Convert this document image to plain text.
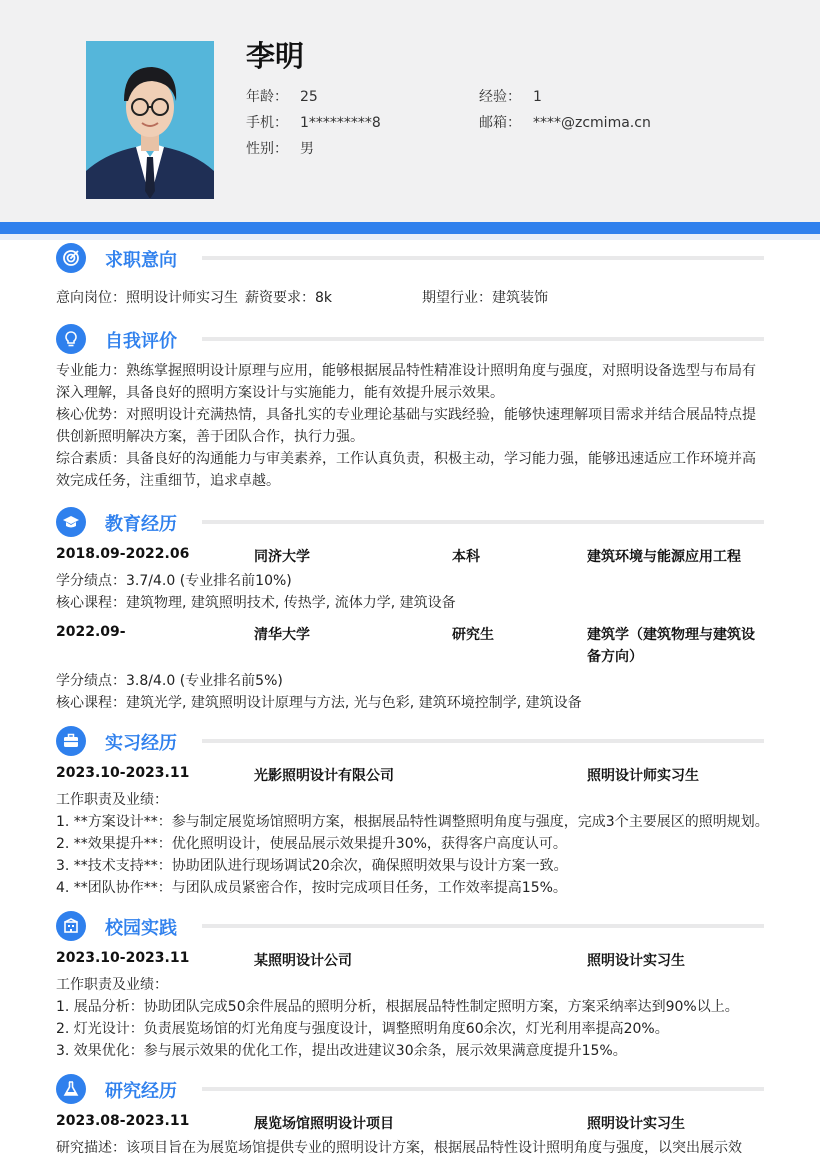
李明
年龄： 25	经验： 1
手机： 1*********8	邮箱： ****@zcmima.cn
性别： 男
求职意向
意向岗位：照明设计师实习生 薪资要求：8k	期望行业：建筑装饰
自我评价
专业能力：熟练掌握照明设计原理与应用，能够根据展品特性精准设计照明角度与强度，对照明设备选型与布局有深入理解，具备良好的照明方案设计与实施能力，能有效提升展示效果。
核心优势：对照明设计充满热情，具备扎实的专业理论基础与实践经验，能够快速理解项目需求并结合展品特点提供创新照明解决方案，善于团队合作，执行力强。
综合素质：具备良好的沟通能力与审美素养，工作认真负责，积极主动，学习能力强，能够迅速适应工作环境并高效完成任务，注重细节，追求卓越。
教育经历
2018.09-2022.06	同济大学	本科	建筑环境与能源应用工程
学分绩点：3.7/4.0 (专业排名前10%)
核心课程：建筑物理, 建筑照明技术, 传热学, 流体力学, 建筑设备
2022.09-	清华大学	研究生	建筑学（建筑物理与建筑设
备方向）
学分绩点：3.8/4.0 (专业排名前5%)
核心课程：建筑光学, 建筑照明设计原理与方法, 光与色彩, 建筑环境控制学, 建筑设备
实习经历
2023.10-2023.11	光影照明设计有限公司	照明设计师实习生
工作职责及业绩：
1. **方案设计**：参与制定展览场馆照明方案，根据展品特性调整照明角度与强度，完成3个主要展区的照明规划。
2. **效果提升**：优化照明设计，使展品展示效果提升30%，获得客户高度认可。
3. **技术支持**：协助团队进行现场调试20余次，确保照明效果与设计方案一致。
4. **团队协作**：与团队成员紧密合作，按时完成项目任务，工作效率提高15%。
校园实践
2023.10-2023.11	某照明设计公司	照明设计实习生
工作职责及业绩：
1. 展品分析：协助团队完成50余件展品的照明分析，根据展品特性制定照明方案，方案采纳率达到90%以上。
2. 灯光设计：负责展览场馆的灯光角度与强度设计，调整照明角度60余次，灯光利用率提高20%。
3. 效果优化：参与展示效果的优化工作，提出改进建议30余条，展示效果满意度提升15%。
研究经历
2023.08-2023.11	展览场馆照明设计项目	照明设计实习生
研究描述：该项目旨在为展览场馆提供专业的照明设计方案，根据展品特性设计照明角度与强度，以突出展示效
